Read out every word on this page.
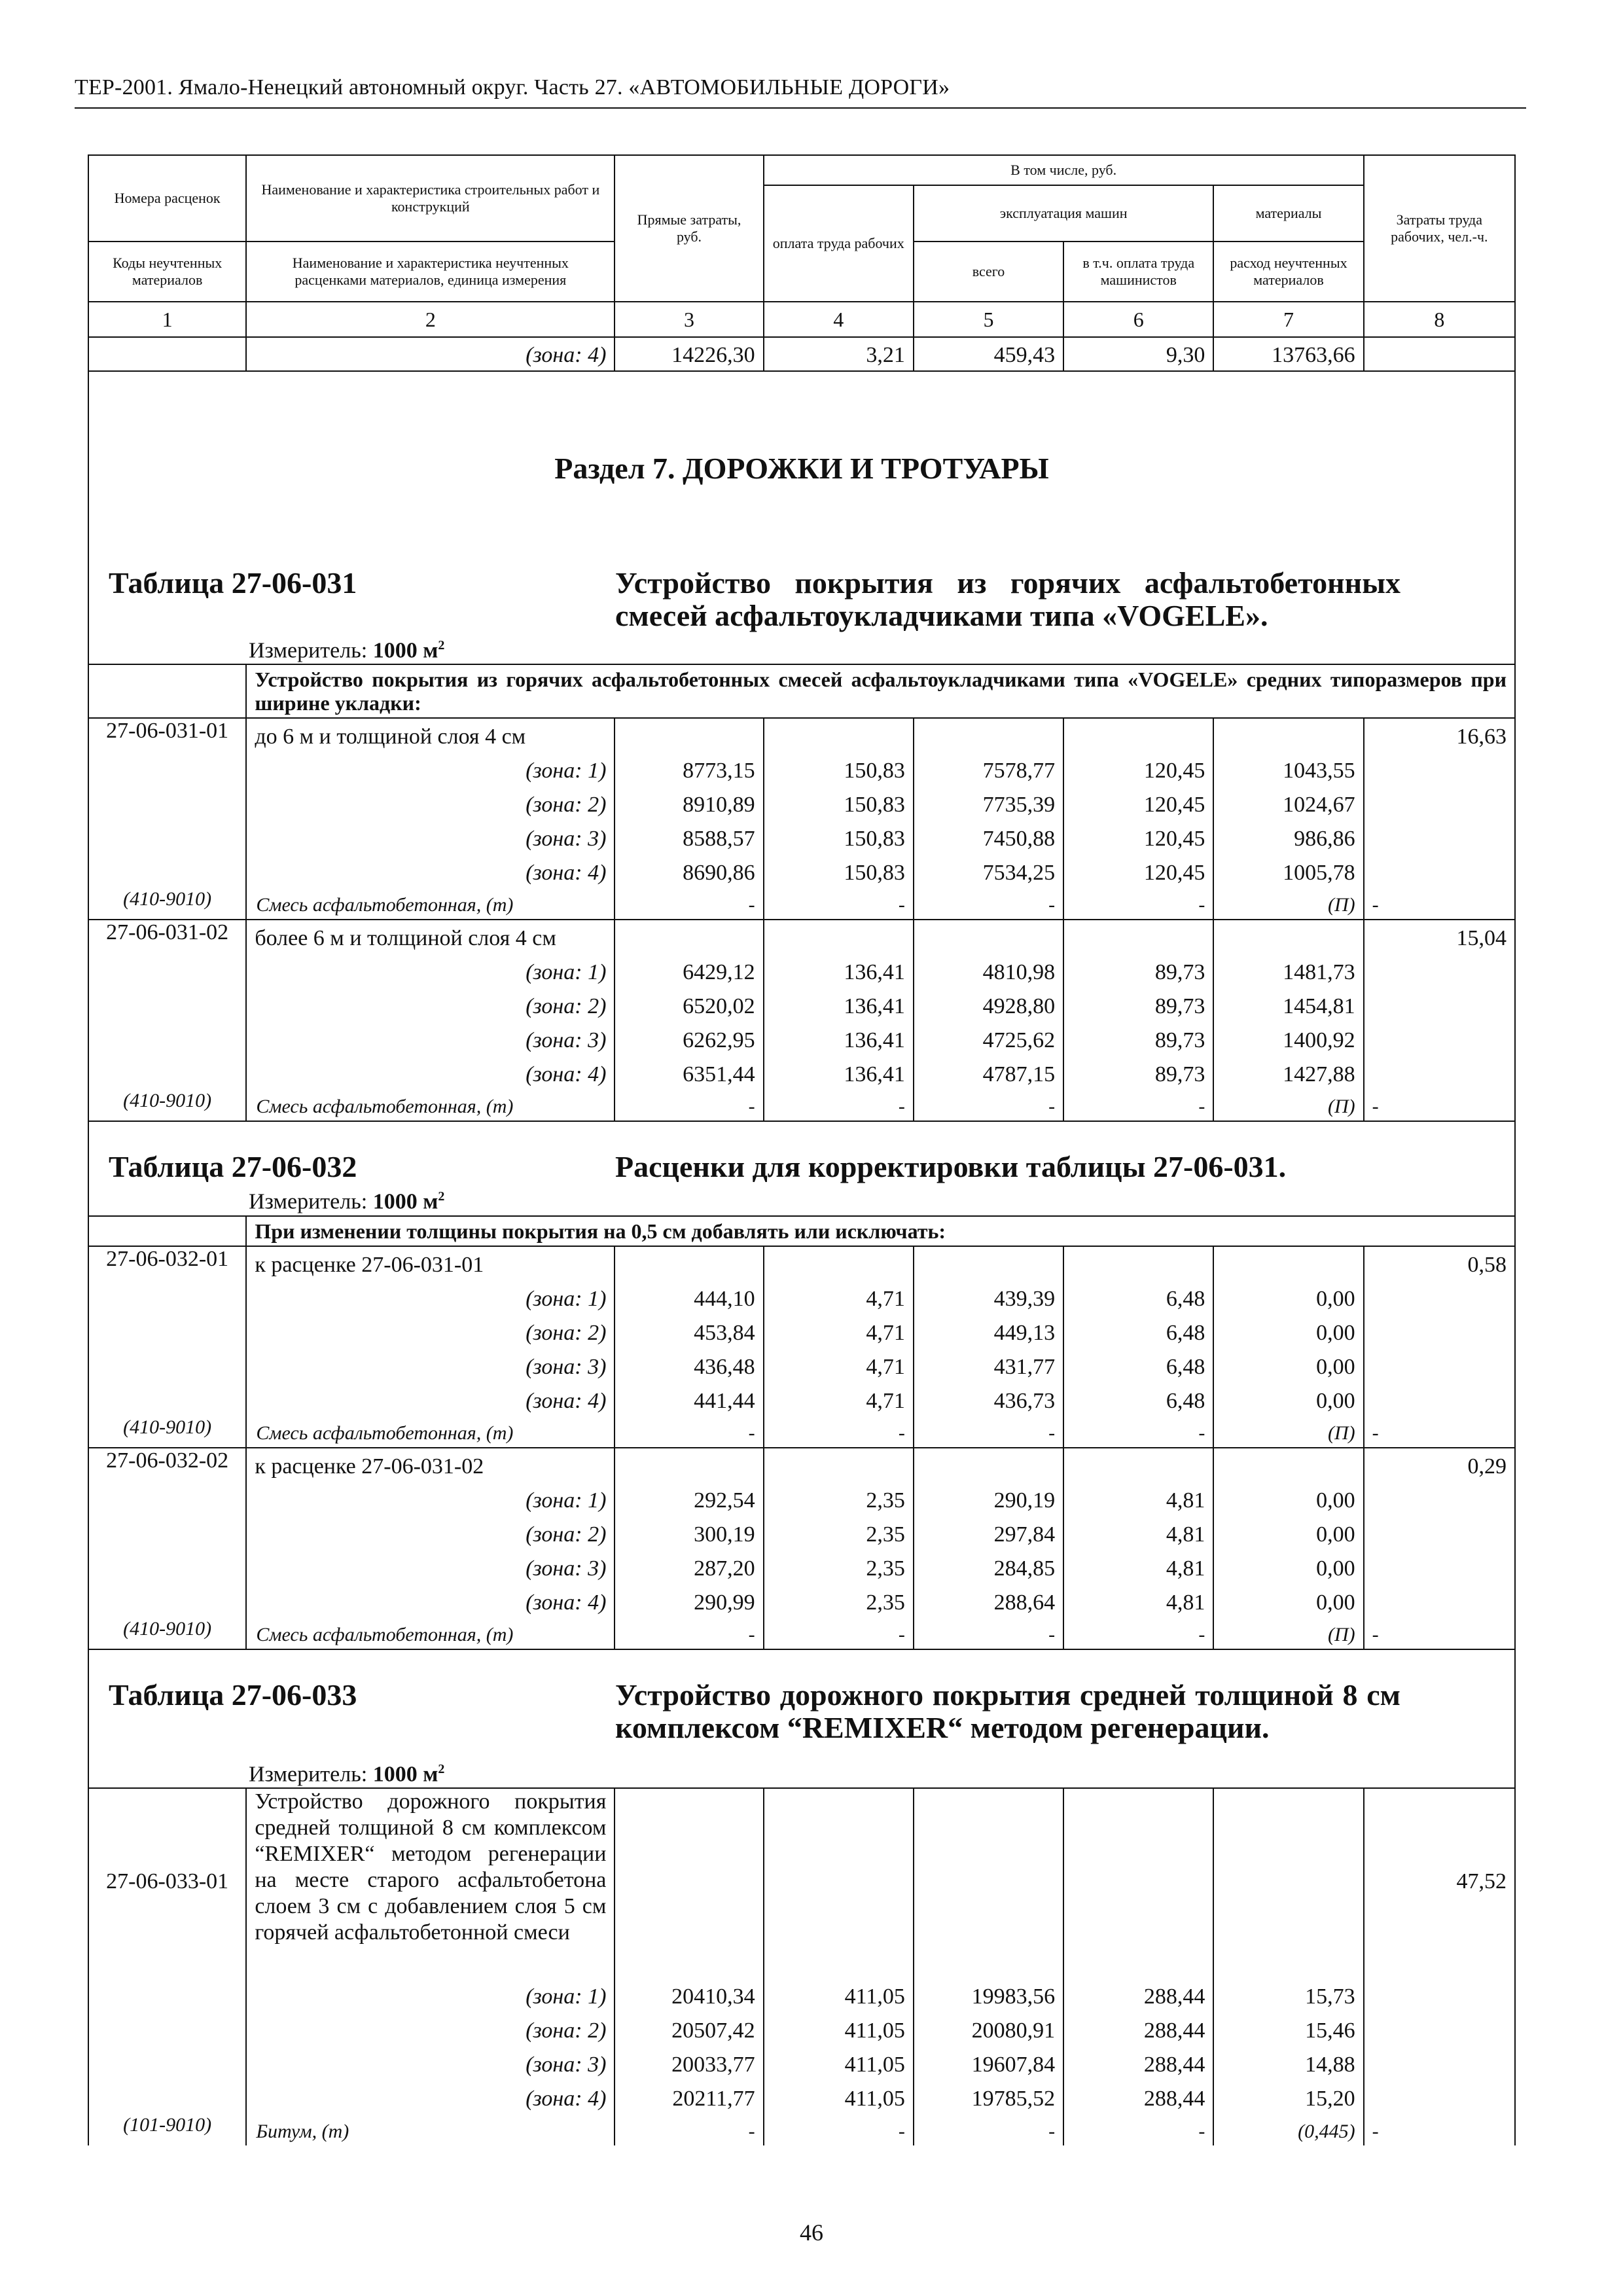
ТЕР-2001. Ямало-Ненецкий автономный округ. Часть 27. «АВТОМОБИЛЬНЫЕ ДОРОГИ»
Номера расценок	Наименование и характеристика строительных работ и конструкций	Прямые затраты, руб.	В том числе, руб.				Затраты труда рабочих, чел.-ч.
			оплата труда рабочих	эксплуатация машин		материалы	
Коды неучтенных материалов	Наименование и характеристика неучтенных расценками материалов, единица измерения			всего	в т.ч. оплата труда машинистов	расход неучтенных материалов	

1	2	3	4	5	6	7	8
	(зона: 4)	14226,30	3,21	459,43	9,30	13763,66	

Раздел 7. ДОРОЖКИ И ТРОТУАРЫ
Таблица 27-06-031 Устройство покрытия из горячих асфальтобетонных смесей асфальтоукладчиками типа «VOGELE».
Измеритель: 1000 $м^2$

	Устройство покрытия из горячих асфальтобетонных смесей асфальтоукладчиками типа «VOGELE» средних типоразмеров при ширине укладки:						
27-06-031-01	до 6 м и толщиной слоя 4 см						16,63
	(зона: 1)	8773,15	150,83	7578,77	120,45	1043,55	
	(зона: 2)	8910,89	150,83	7735,39	120,45	1024,67	
	(зона: 3)	8588,57	150,83	7450,88	120,45	986,86	
	(зона: 4)	8690,86	150,83	7534,25	120,45	1005,78	
(410-9010)	Смесь асфальтобетонная, (т)	-	-	-	-	(П)	-
27-06-031-02	более 6 м и толщиной слоя 4 см						15,04
	(зона: 1)	6429,12	136,41	4810,98	89,73	1481,73	
	(зона: 2)	6520,02	136,41	4928,80	89,73	1454,81	
	(зона: 3)	6262,95	136,41	4725,62	89,73	1400,92	
	(зона: 4)	6351,44	136,41	4787,15	89,73	1427,88	
(410-9010)	Смесь асфальтобетонная, (т)	-	-	-	-	(П)	-

Таблица 27-06-032 Расценки для корректировки таблицы 27-06-031.
Измеритель: 1000 $м^2$

	При изменении толщины покрытия на 0,5 см добавлять или исключать:						
27-06-032-01	к расценке 27-06-031-01						0,58
	(зона: 1)	444,10	4,71	439,39	6,48	0,00	
	(зона: 2)	453,84	4,71	449,13	6,48	0,00	
	(зона: 3)	436,48	4,71	431,77	6,48	0,00	
	(зона: 4)	441,44	4,71	436,73	6,48	0,00	
(410-9010)	Смесь асфальтобетонная, (т)	-	-	-	-	(П)	-
27-06-032-02	к расценке 27-06-031-02						0,29
	(зона: 1)	292,54	2,35	290,19	4,81	0,00	
	(зона: 2)	300,19	2,35	297,84	4,81	0,00	
	(зона: 3)	287,20	2,35	284,85	4,81	0,00	
	(зона: 4)	290,99	2,35	288,64	4,81	0,00	
(410-9010)	Смесь асфальтобетонная, (т)	-	-	-	-	(П)	-

Таблица 27-06-033 Устройство дорожного покрытия средней толщиной 8 см комплексом “REMIXER“ методом регенерации.
Измеритель: 1000 $м^2$

27-06-033-01	Устройство дорожного покрытия средней толщиной 8 см комплексом “REMIXER“ методом регенерации на месте старого асфальтобетона слоем 3 см с добавлением слоя 5 см горячей асфальтобетонной смеси						47,52
	(зона: 1)	20410,34	411,05	19983,56	288,44	15,73	
	(зона: 2)	20507,42	411,05	20080,91	288,44	15,46	
	(зона: 3)	20033,77	411,05	19607,84	288,44	14,88	
	(зона: 4)	20211,77	411,05	19785,52	288,44	15,20	
(101-9010)	Битум, (т)	-	-	-	-	(0,445)	-
46
